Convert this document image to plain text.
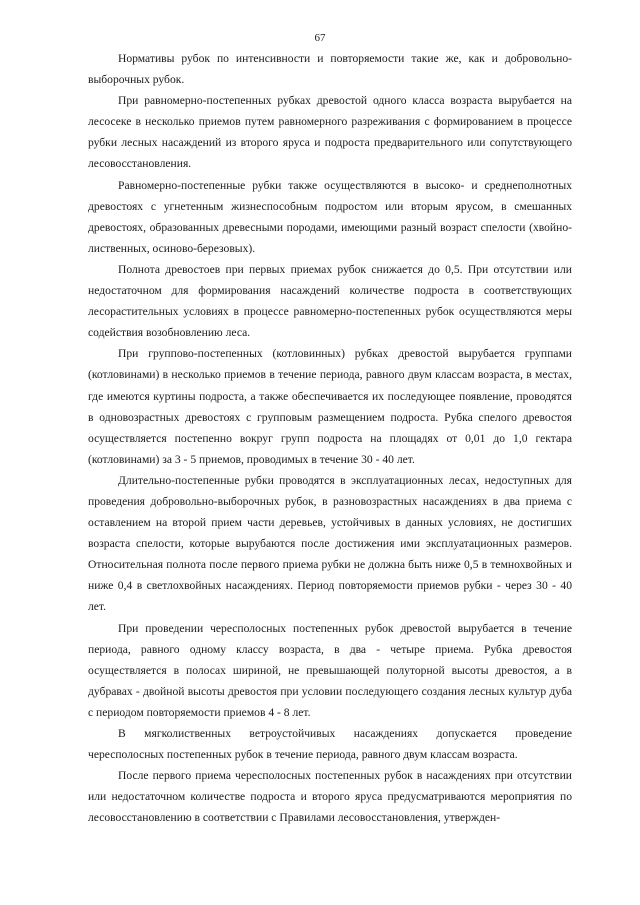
67

Нормативы рубок по интенсивности и повторяемости такие же, как и добровольно-выборочных рубок.

При равномерно-постепенных рубках древостой одного класса возраста вырубается на лесосеке в несколько приемов путем равномерного разреживания с формированием в процессе рубки лесных насаждений из второго яруса и подроста предварительного или сопутствующего лесовосстановления.

Равномерно-постепенные рубки также осуществляются в высоко- и среднеполнотных древостоях с угнетенным жизнеспособным подростом или вторым ярусом, в смешанных древостоях, образованных древесными породами, имеющими разный возраст спелости (хвойно-лиственных, осиново-березовых).

Полнота древостоев при первых приемах рубок снижается до 0,5. При отсутствии или недостаточном для формирования насаждений количестве подроста в соответствующих лесорастительных условиях в процессе равномерно-постепенных рубок осуществляются меры содействия возобновлению леса.

При группово-постепенных (котловинных) рубках древостой вырубается группами (котловинами) в несколько приемов в течение периода, равного двум классам возраста, в местах, где имеются куртины подроста, а также обеспечивается их последующее появление, проводятся в одновозрастных древостоях с групповым размещением подроста. Рубка спелого древостоя осуществляется постепенно вокруг групп подроста на площадях от 0,01 до 1,0 гектара (котловинами) за 3 - 5 приемов, проводимых в течение 30 - 40 лет.

Длительно-постепенные рубки проводятся в эксплуатационных лесах, недоступных для проведения добровольно-выборочных рубок, в разновозрастных насаждениях в два приема с оставлением на второй прием части деревьев, устойчивых в данных условиях, не достигших возраста спелости, которые вырубаются после достижения ими эксплуатационных размеров. Относительная полнота после первого приема рубки не должна быть ниже 0,5 в темнохвойных и ниже 0,4 в светлохвойных насаждениях. Период повторяемости приемов рубки - через 30 - 40 лет.

При проведении чересполосных постепенных рубок древостой вырубается в течение периода, равного одному классу возраста, в два - четыре приема. Рубка древостоя осуществляется в полосах шириной, не превышающей полуторной высоты древостоя, а в дубравах - двойной высоты древостоя при условии последующего создания лесных культур дуба с периодом повторяемости приемов 4 - 8 лет.

В мягколиственных ветроустойчивых насаждениях допускается проведение чересполосных постепенных рубок в течение периода, равного двум классам возраста.

После первого приема чересполосных постепенных рубок в насаждениях при отсутствии или недостаточном количестве подроста и второго яруса предусматриваются мероприятия по лесовосстановлению в соответствии с Правилами лесовосстановления, утвержден-
